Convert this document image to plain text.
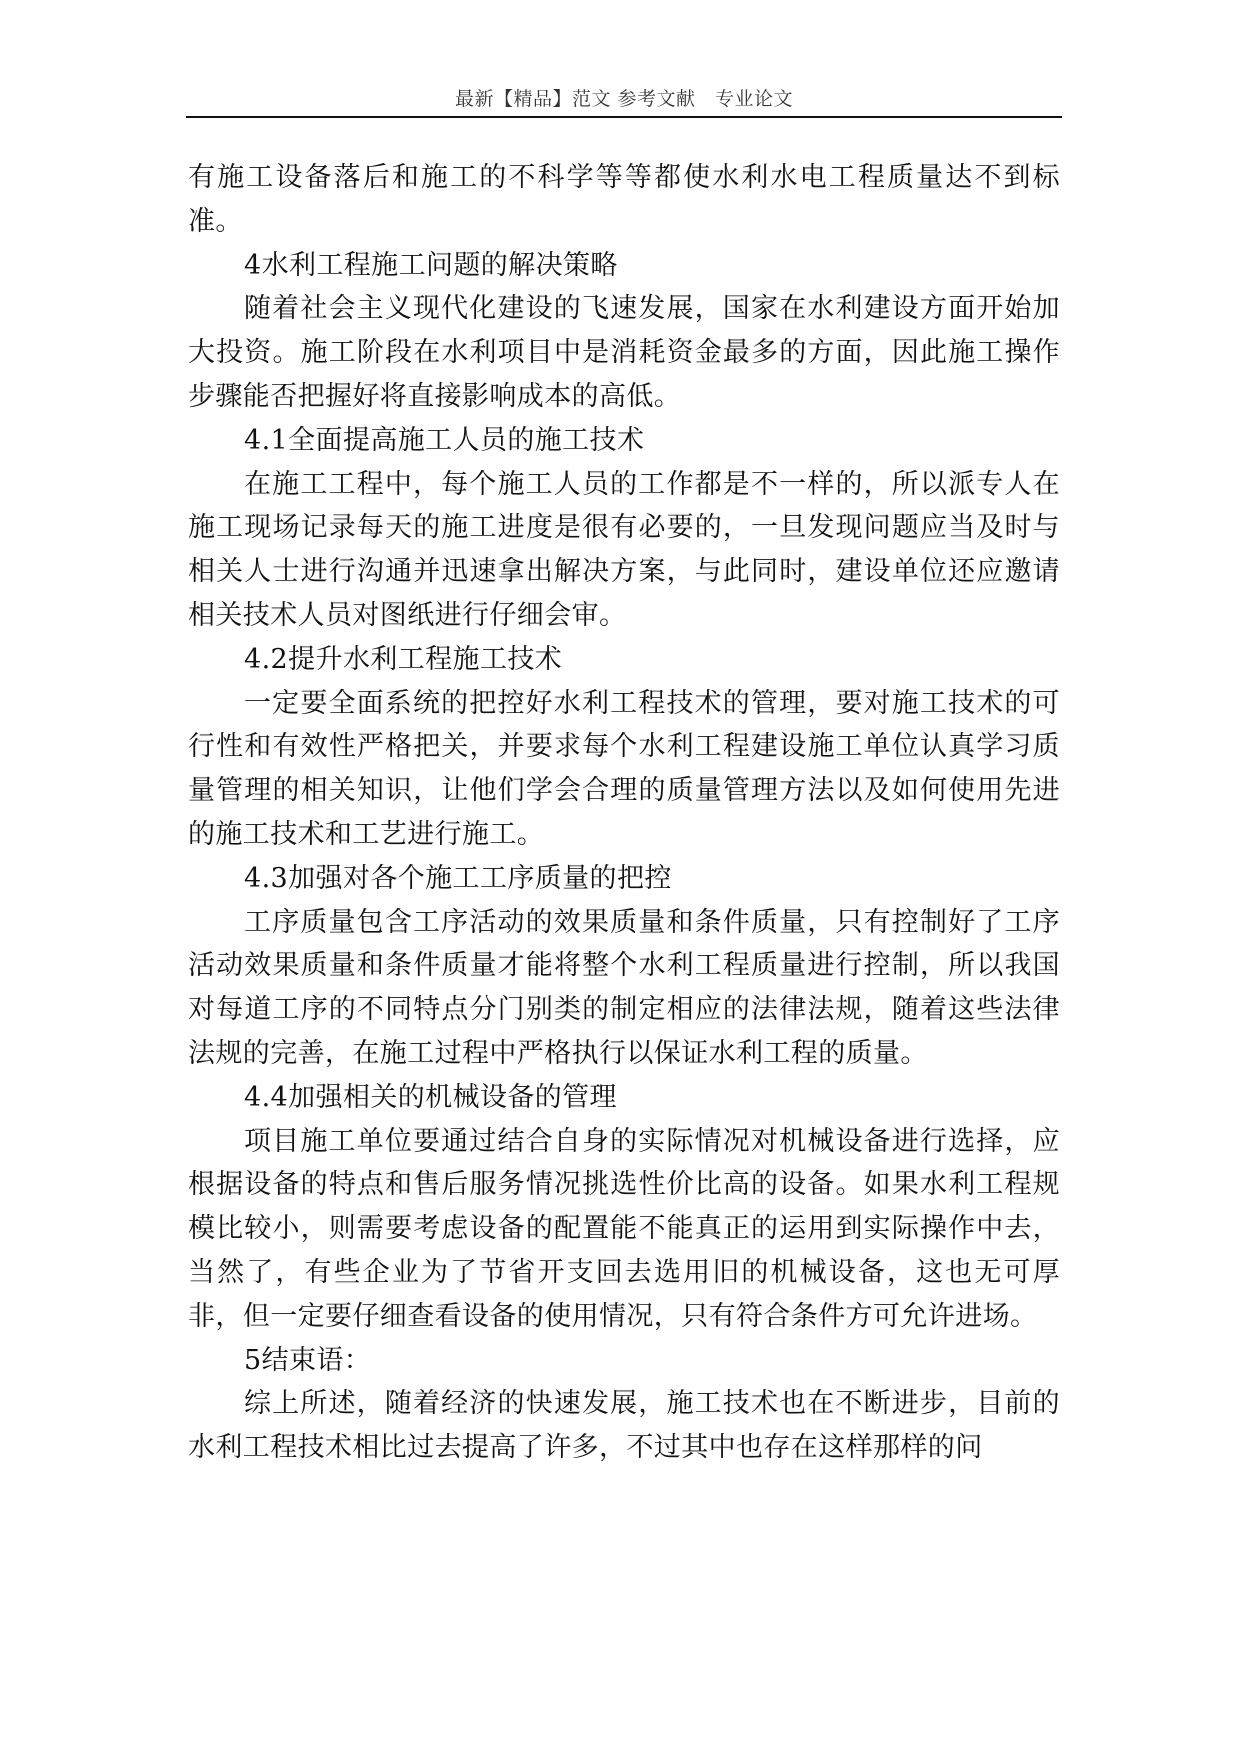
最新【精品】范文 参考文献　专业论文

有施工设备落后和施工的不科学等等都使水利水电工程质量达不到标准。

4水利工程施工问题的解决策略

随着社会主义现代化建设的飞速发展，国家在水利建设方面开始加大投资。施工阶段在水利项目中是消耗资金最多的方面，因此施工操作步骤能否把握好将直接影响成本的高低。

4.1全面提高施工人员的施工技术

在施工工程中，每个施工人员的工作都是不一样的，所以派专人在施工现场记录每天的施工进度是很有必要的，一旦发现问题应当及时与相关人士进行沟通并迅速拿出解决方案，与此同时，建设单位还应邀请相关技术人员对图纸进行仔细会审。

4.2提升水利工程施工技术

一定要全面系统的把控好水利工程技术的管理，要对施工技术的可行性和有效性严格把关，并要求每个水利工程建设施工单位认真学习质量管理的相关知识，让他们学会合理的质量管理方法以及如何使用先进的施工技术和工艺进行施工。

4.3加强对各个施工工序质量的把控

工序质量包含工序活动的效果质量和条件质量，只有控制好了工序活动效果质量和条件质量才能将整个水利工程质量进行控制，所以我国对每道工序的不同特点分门别类的制定相应的法律法规，随着这些法律法规的完善，在施工过程中严格执行以保证水利工程的质量。

4.4加强相关的机械设备的管理

项目施工单位要通过结合自身的实际情况对机械设备进行选择，应根据设备的特点和售后服务情况挑选性价比高的设备。如果水利工程规模比较小，则需要考虑设备的配置能不能真正的运用到实际操作中去，当然了，有些企业为了节省开支回去选用旧的机械设备，这也无可厚非，但一定要仔细查看设备的使用情况，只有符合条件方可允许进场。

5结束语：

综上所述，随着经济的快速发展，施工技术也在不断进步，目前的水利工程技术相比过去提高了许多，不过其中也存在这样那样的问
